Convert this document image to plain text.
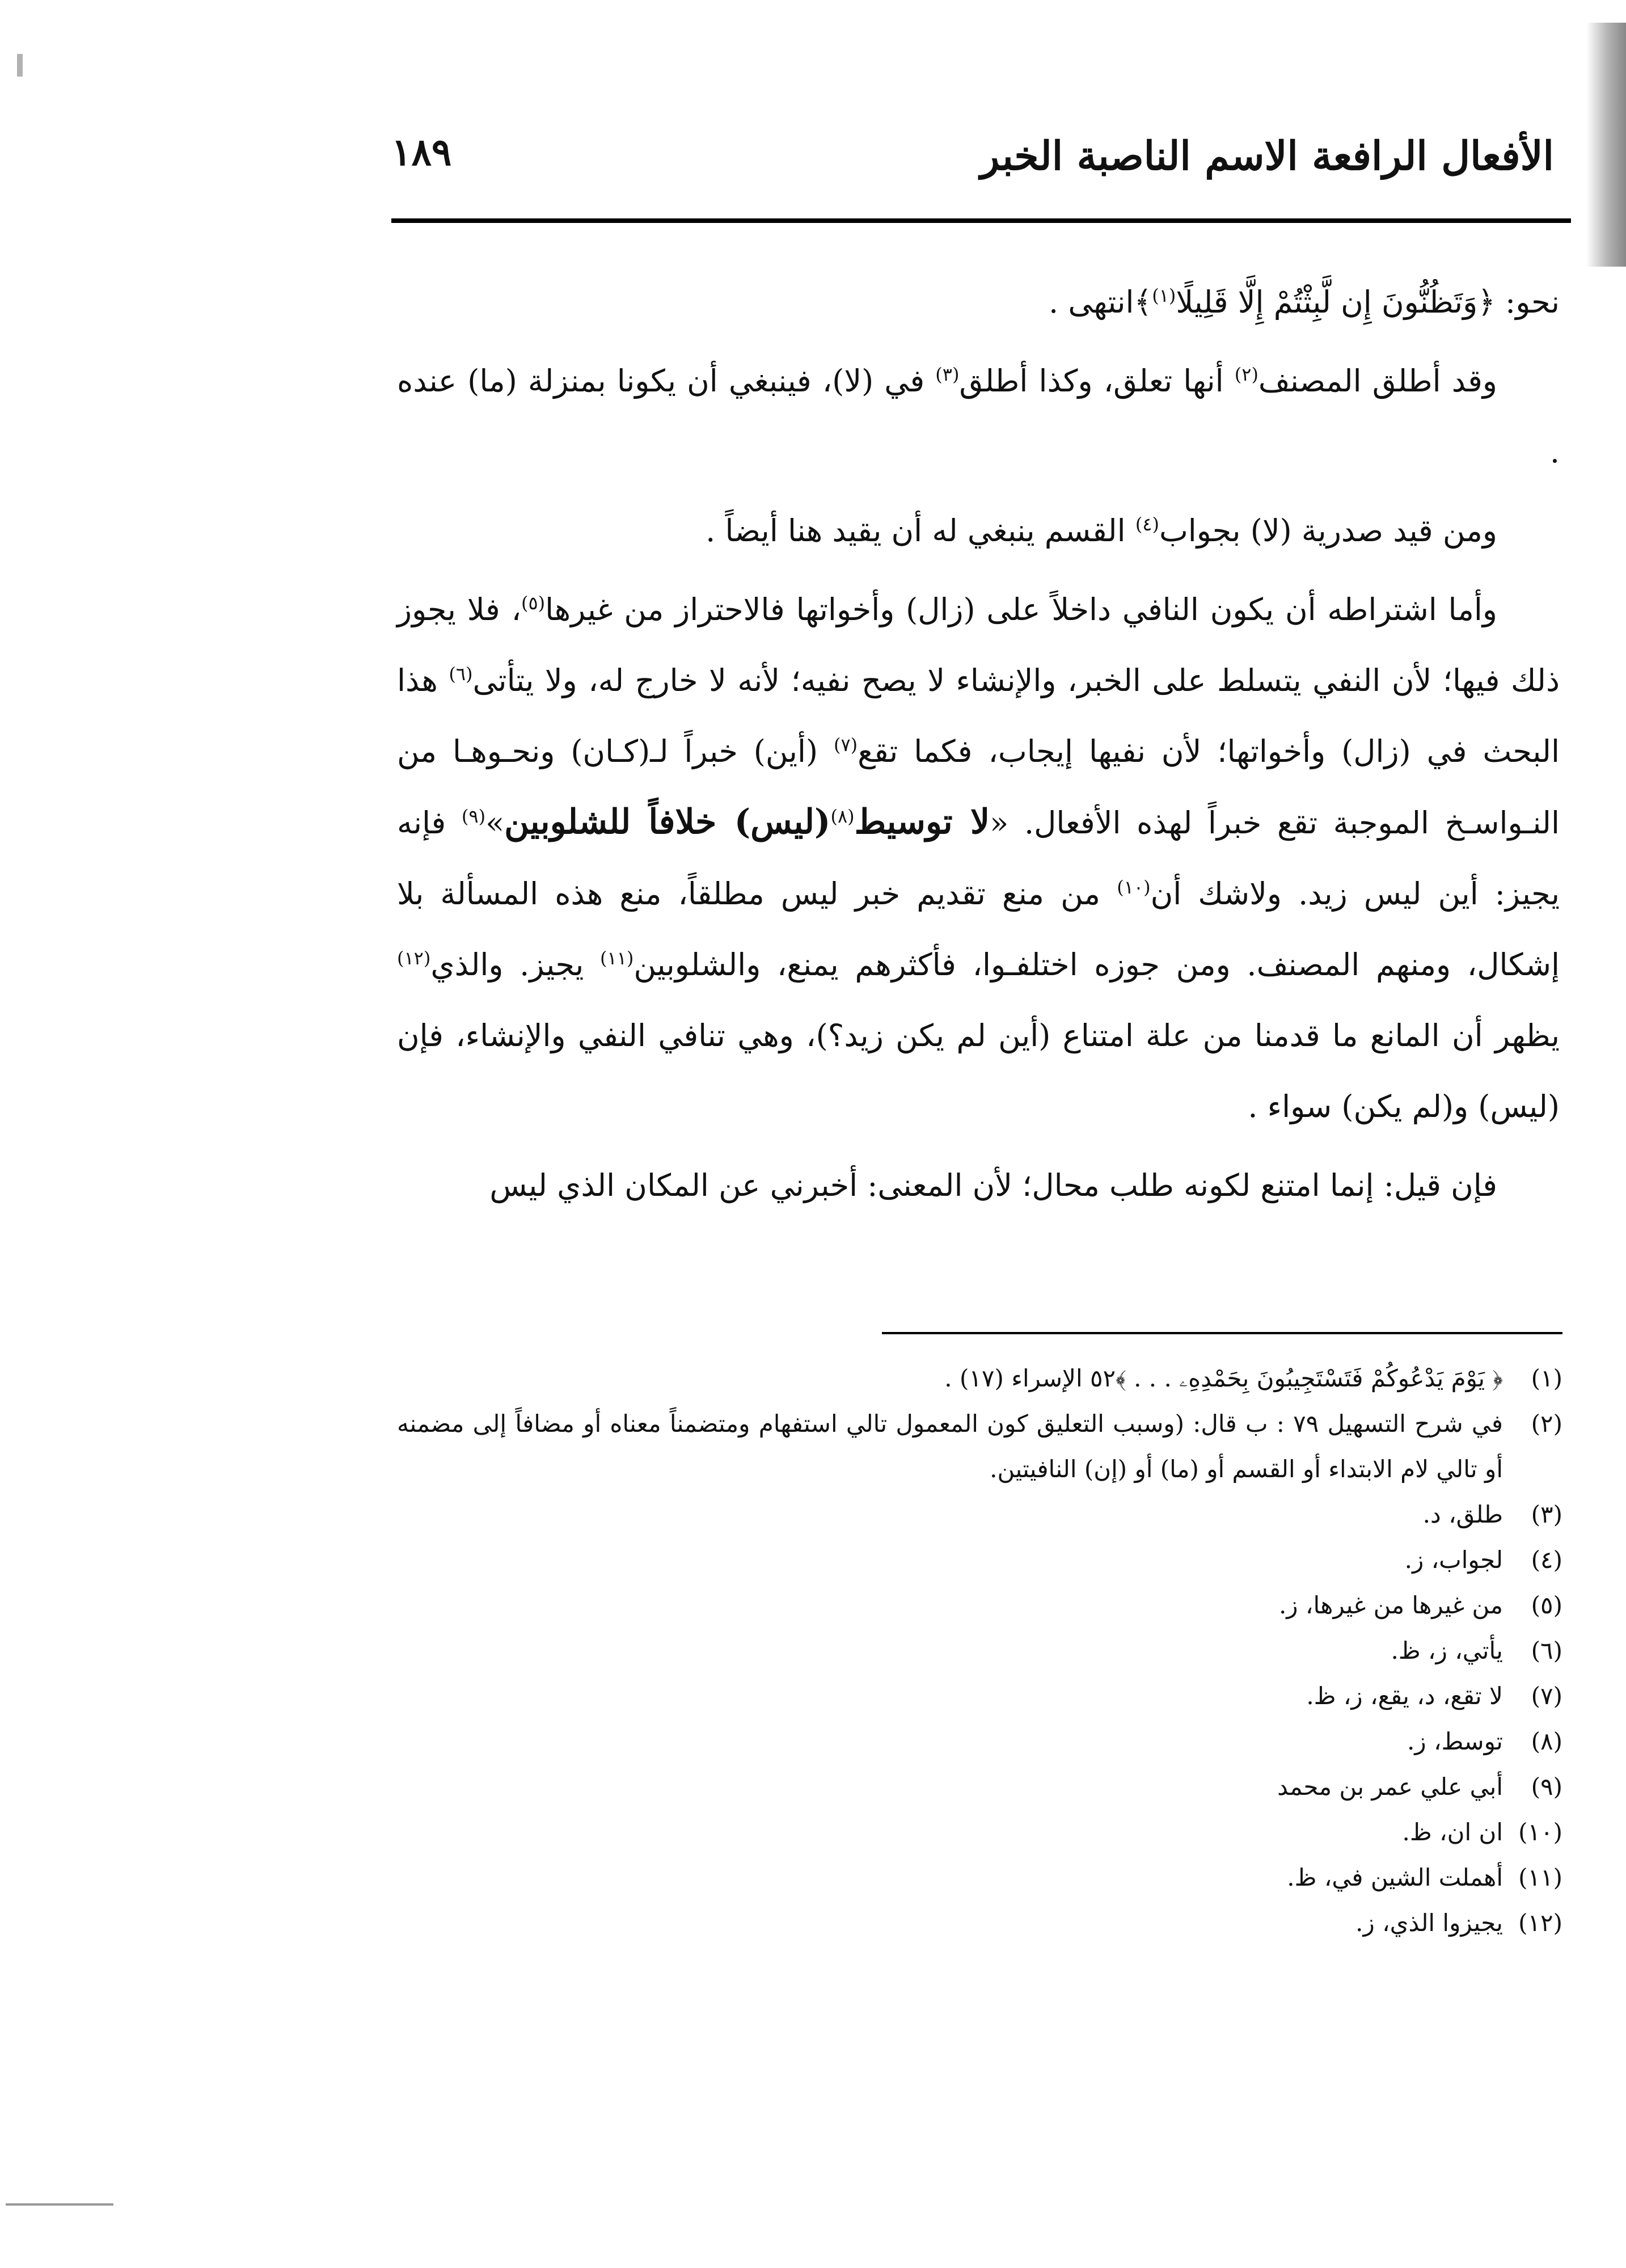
الأفعال الرافعة الاسم الناصبة الخبر
١٨٩

نحو: ﴿وَتَظُنُّونَ إِن لَّبِثْتُمْ إِلَّا قَلِيلًا$^{(١)}$﴾انتهى .

وقد أطلق المصنف$^{(٢)}$ أنها تعلق، وكذا أطلق$^{(٣)}$ في (لا)، فينبغي أن يكونا بمنزلة (ما) عنده .

ومن قيد صدرية (لا) بجواب$^{(٤)}$ القسم ينبغي له أن يقيد هنا أيضاً .

وأما اشتراطه أن يكون النافي داخلاً على (زال) وأخواتها فالاحتراز من غيرها$^{(٥)}$، فلا يجوز ذلك فيها؛ لأن النفي يتسلط على الخبر، والإنشاء لا يصح نفيه؛ لأنه لا خارج له، ولا يتأتى$^{(٦)}$ هذا البحث في (زال) وأخواتها؛ لأن نفيها إيجاب، فكما تقع$^{(٧)}$ (أين) خبراً لـ(كـان) ونحـوهـا من النـواسـخ الموجبة تقع خبراً لهذه الأفعال. «لا توسيط$^{(٨)}$(ليس) خلافاً للشلوبين»$^{(٩)}$ فإنه يجيز: أين ليس زيد. ولاشك أن$^{(١٠)}$ من منع تقديم خبر ليس مطلقاً، منع هذه المسألة بلا إشكال، ومنهم المصنف. ومن جوزه اختلفـوا، فأكثرهم يمنع، والشلوبين$^{(١١)}$ يجيز. والذي$^{(١٢)}$ يظهر أن المانع ما قدمنا من علة امتناع (أين لم يكن زيد؟)، وهي تنافي النفي والإنشاء، فإن (ليس) و(لم يكن) سواء .

فإن قيل: إنما امتنع لكونه طلب محال؛ لأن المعنى: أخبرني عن المكان الذي ليس

(١)
﴿ يَوْمَ يَدْعُوكُمْ فَتَسْتَجِيبُونَ بِحَمْدِهِۦ . . . ﴾٥٢ الإسراء (١٧) .
(٢)
في شرح التسهيل ٧٩ : ب قال: (وسبب التعليق كون المعمول تالي استفهام ومتضمناً معناه أو مضافاً إلى مضمنه أو تالي لام الابتداء أو القسم أو (ما) أو (إن) النافيتين.
(٣)
طلق، د.
(٤)
لجواب، ز.
(٥)
من غيرها من غيرها، ز.
(٦)
يأتي، ز، ظ.
(٧)
لا تقع، د، يقع، ز، ظ.
(٨)
توسط، ز.
(٩)
أبي علي عمر بن محمد
(١٠)
ان ان، ظ.
(١١)
أهملت الشين في، ظ.
(١٢)
يجيزوا الذي، ز.
